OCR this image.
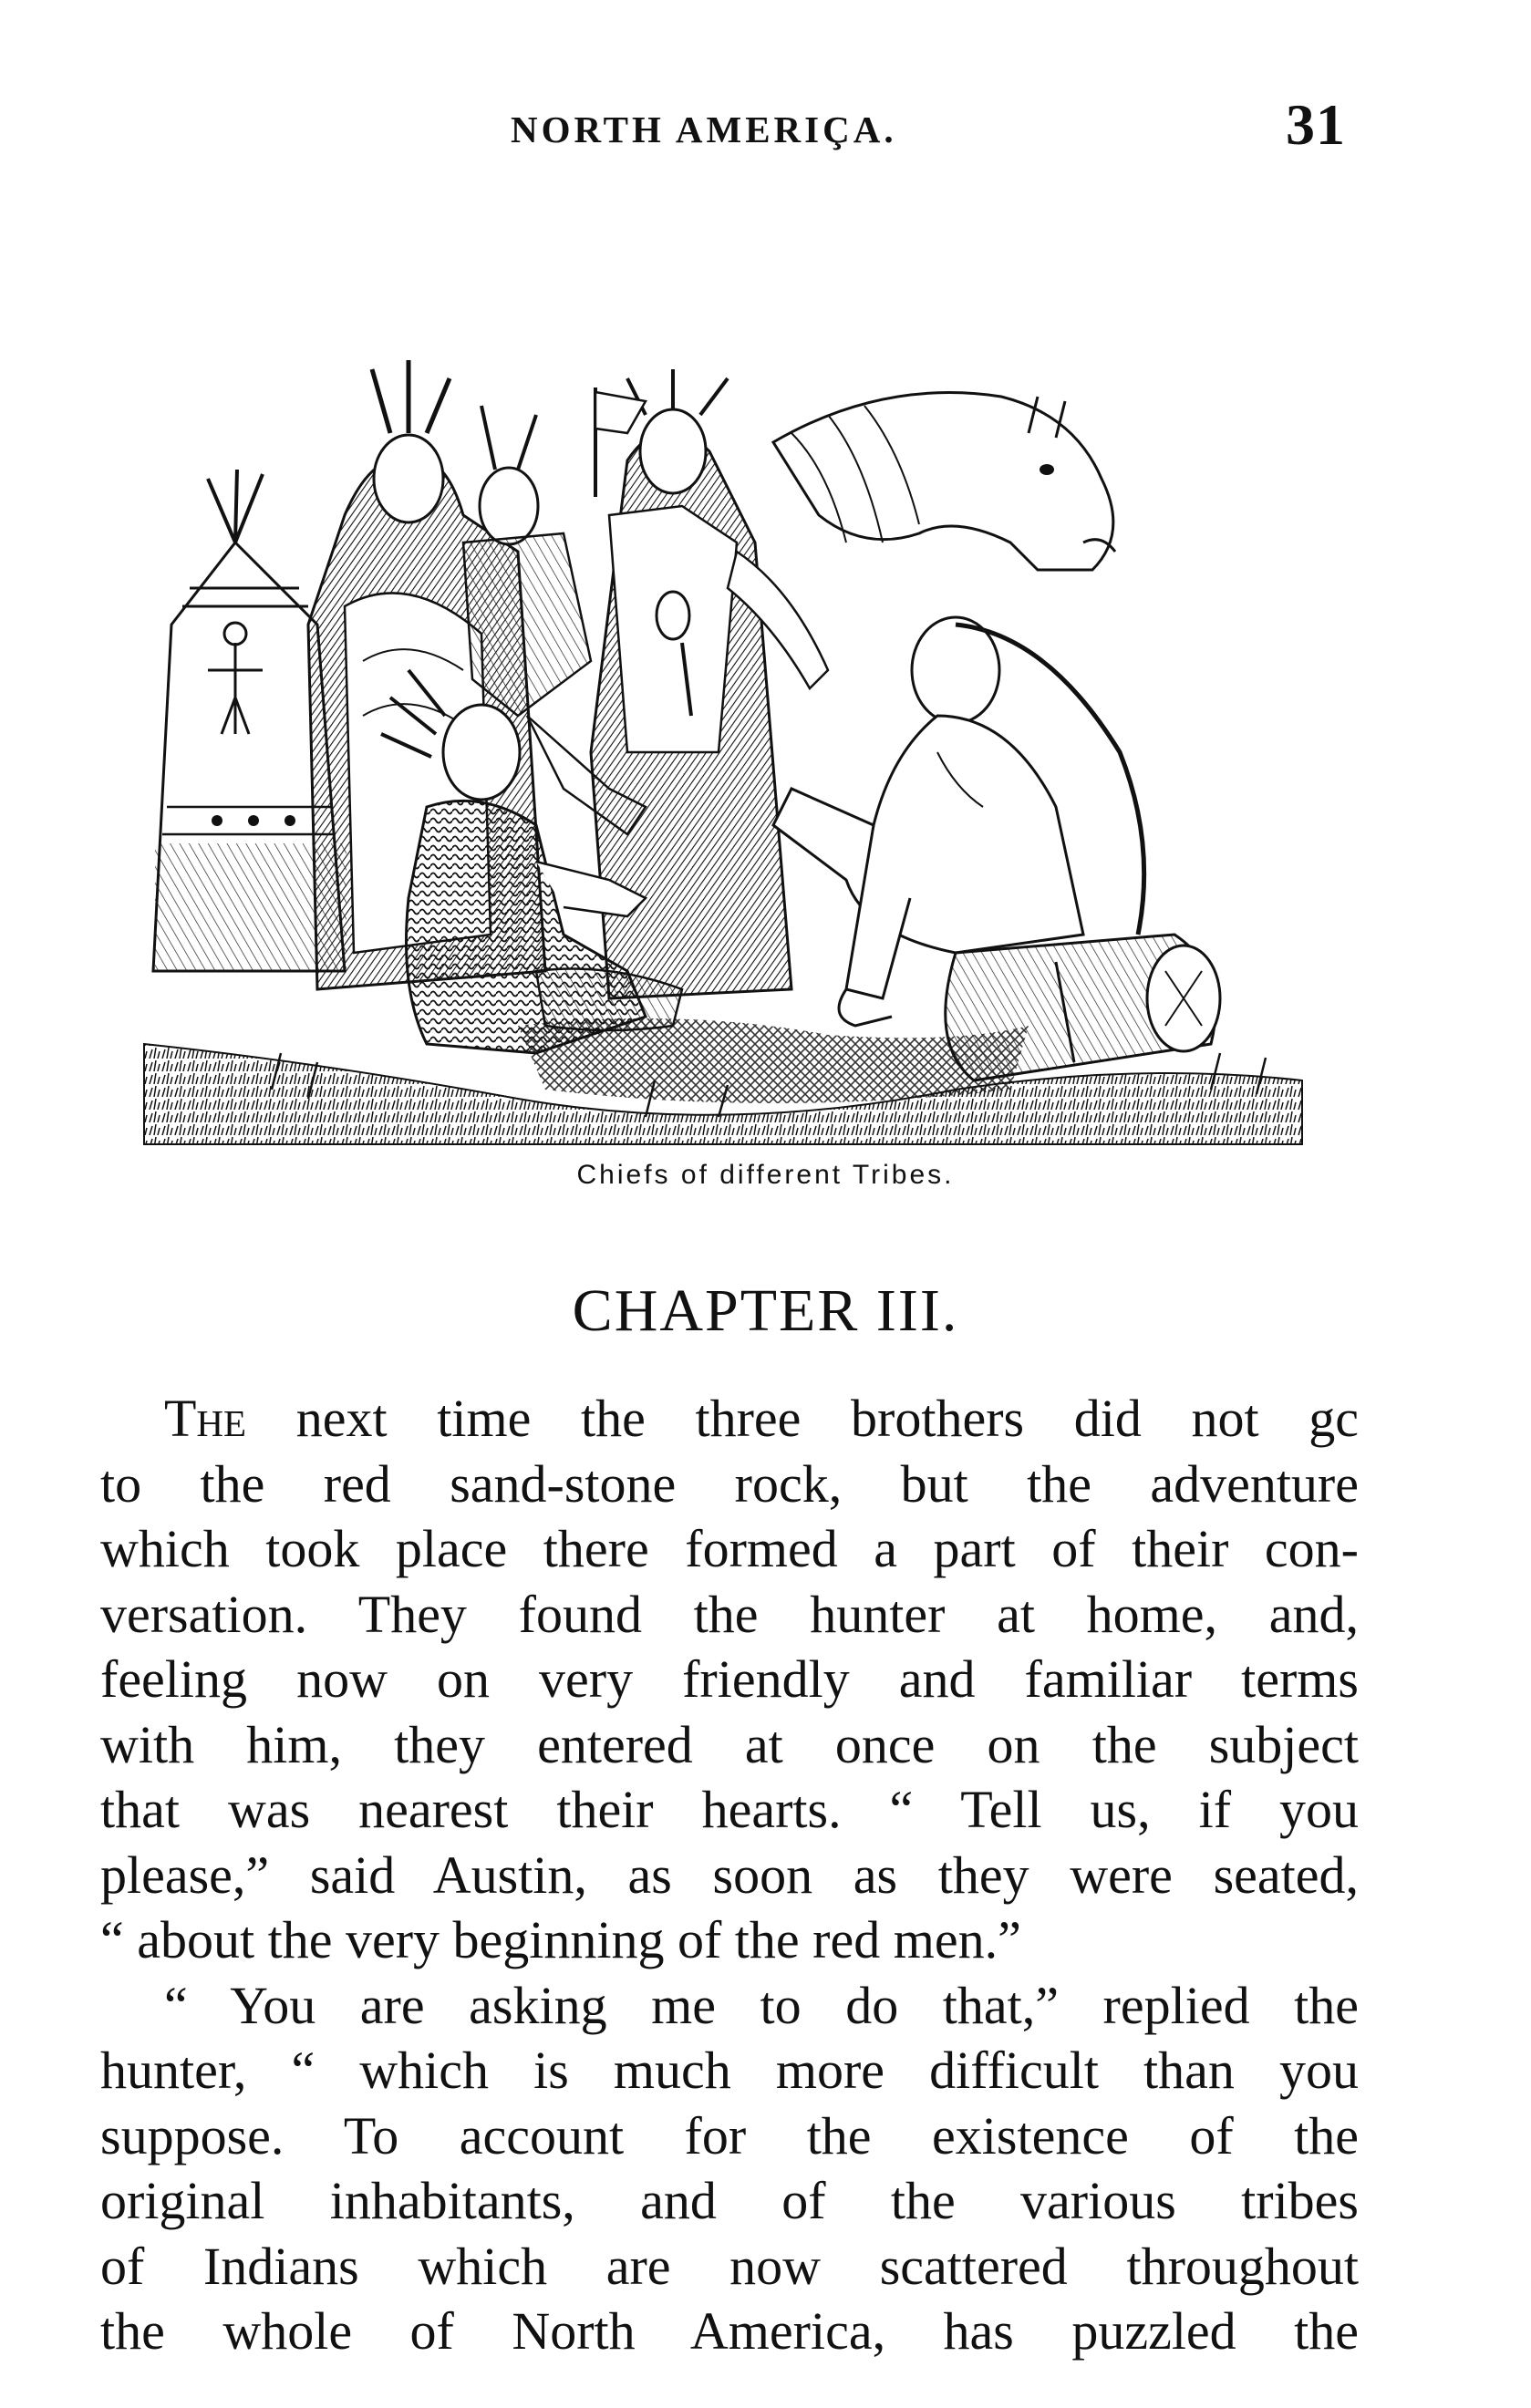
NORTH AMERIÇA.	31
Chiefs of different Tribes.
CHAPTER III.
The next time the three brothers did not gc
to the red sand-stone rock, but the adventure
which took place there formed a part of their con-
versation. They found the hunter at home, and,
feeling now on very friendly and familiar terms
with him, they entered at once on the subject
that was nearest their hearts. “ Tell us, if you
please,” said Austin, as soon as they were seated,
“ about the very beginning of the red men.”
“ You are asking me to do that,” replied the
hunter, “ which is much more difficult than you
suppose. To account for the existence of the
original inhabitants, and of the various tribes
of Indians which are now scattered throughout
the whole of North America, has puzzled the
